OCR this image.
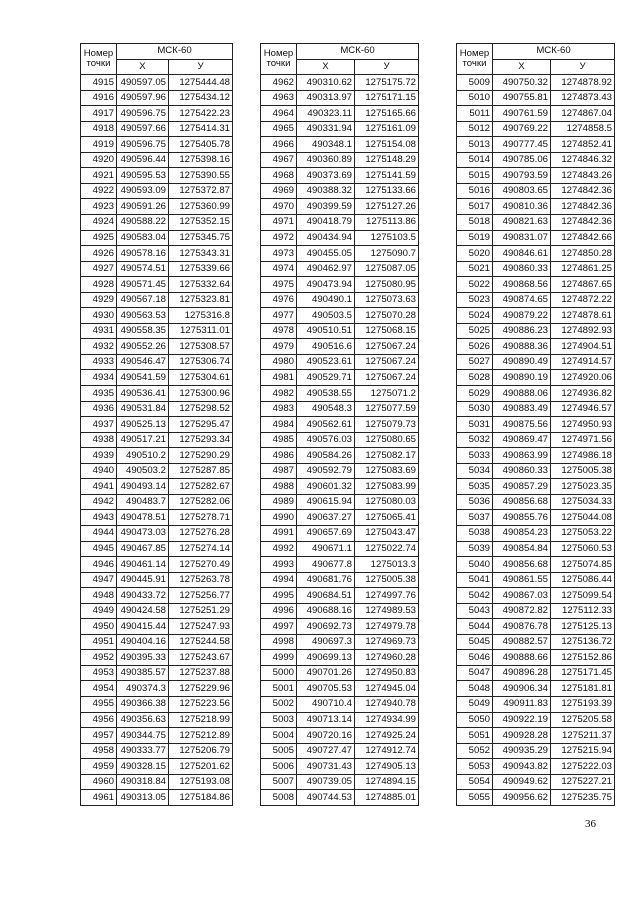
Номер
точки	МСК-60	
	X	У
4915	490597.05	1275444.48
4916	490597.96	1275434.12
4917	490596.75	1275422.23
4918	490597.66	1275414.31
4919	490596.75	1275405.78
4920	490596.44	1275398.16
4921	490595.53	1275390.55
4922	490593.09	1275372.87
4923	490591.26	1275360.99
4924	490588.22	1275352.15
4925	490583.04	1275345.75
4926	490578.16	1275343.31
4927	490574.51	1275339.66
4928	490571.45	1275332.64
4929	490567.18	1275323.81
4930	490563.53	1275316.8
4931	490558.35	1275311.01
4932	490552.26	1275308.57
4933	490546.47	1275306.74
4934	490541.59	1275304.61
4935	490536.41	1275300.96
4936	490531.84	1275298.52
4937	490525.13	1275295.47
4938	490517.21	1275293.34
4939	490510.2	1275290.29
4940	490503.2	1275287.85
4941	490493.14	1275282.67
4942	490483.7	1275282.06
4943	490478.51	1275278.71
4944	490473.03	1275276.28
4945	490467.85	1275274.14
4946	490461.14	1275270.49
4947	490445.91	1275263.78
4948	490433.72	1275256.77
4949	490424.58	1275251.29
4950	490415.44	1275247.93
4951	490404.16	1275244.58
4952	490395.33	1275243.67
4953	490385.57	1275237.88
4954	490374.3	1275229.96
4955	490366.38	1275223.56
4956	490356.63	1275218.99
4957	490344.75	1275212.89
4958	490333.77	1275206.79
4959	490328.15	1275201.62
4960	490318.84	1275193.08
4961	490313.05	1275184.86
Номер
точки	МСК-60	
	X	У
4962	490310.62	1275175.72
4963	490313.97	1275171.15
4964	490323.11	1275165.66
4965	490331.94	1275161.09
4966	490348.1	1275154.08
4967	490360.89	1275148.29
4968	490373.69	1275141.59
4969	490388.32	1275133.66
4970	490399.59	1275127.26
4971	490418.79	1275113.86
4972	490434.94	1275103.5
4973	490455.05	1275090.7
4974	490462.97	1275087.05
4975	490473.94	1275080.95
4976	490490.1	1275073.63
4977	490503.5	1275070.28
4978	490510.51	1275068.15
4979	490516.6	1275067.24
4980	490523.61	1275067.24
4981	490529.71	1275067.24
4982	490538.55	1275071.2
4983	490548.3	1275077.59
4984	490562.61	1275079.73
4985	490576.03	1275080.65
4986	490584.26	1275082.17
4987	490592.79	1275083.69
4988	490601.32	1275083.99
4989	490615.94	1275080.03
4990	490637.27	1275065.41
4991	490657.69	1275043.47
4992	490671.1	1275022.74
4993	490677.8	1275013.3
4994	490681.76	1275005.38
4995	490684.51	1274997.76
4996	490688.16	1274989.53
4997	490692.73	1274979.78
4998	490697.3	1274969.73
4999	490699.13	1274960.28
5000	490701.26	1274950.83
5001	490705.53	1274945.04
5002	490710.4	1274940.78
5003	490713.14	1274934.99
5004	490720.16	1274925.24
5005	490727.47	1274912.74
5006	490731.43	1274905.13
5007	490739.05	1274894.15
5008	490744.53	1274885.01
Номер
точки	МСК-60	
	X	У
5009	490750.32	1274878.92
5010	490755.81	1274873.43
5011	490761.59	1274867.04
5012	490769.22	1274858.5
5013	490777.45	1274852.41
5014	490785.06	1274846.32
5015	490793.59	1274843.26
5016	490803.65	1274842.36
5017	490810.36	1274842.36
5018	490821.63	1274842.36
5019	490831.07	1274842.66
5020	490846.61	1274850.28
5021	490860.33	1274861.25
5022	490868.56	1274867.65
5023	490874.65	1274872.22
5024	490879.22	1274878.61
5025	490886.23	1274892.93
5026	490888.36	1274904.51
5027	490890.49	1274914.57
5028	490890.19	1274920.06
5029	490888.06	1274936.82
5030	490883.49	1274946.57
5031	490875.56	1274950.93
5032	490869.47	1274971.56
5033	490863.99	1274986.18
5034	490860.33	1275005.38
5035	490857.29	1275023.35
5036	490856.68	1275034.33
5037	490855.76	1275044.08
5038	490854.23	1275053.22
5039	490854.84	1275060.53
5040	490856.68	1275074.85
5041	490861.55	1275086.44
5042	490867.03	1275099.54
5043	490872.82	1275112.33
5044	490876.78	1275125.13
5045	490882.57	1275136.72
5046	490888.66	1275152.86
5047	490896.28	1275171.45
5048	490906.34	1275181.81
5049	490911.83	1275193.39
5050	490922.19	1275205.58
5051	490928.28	1275211.37
5052	490935.29	1275215.94
5053	490943.82	1275222.03
5054	490949.62	1275227.21
5055	490956.62	1275235.75
36
